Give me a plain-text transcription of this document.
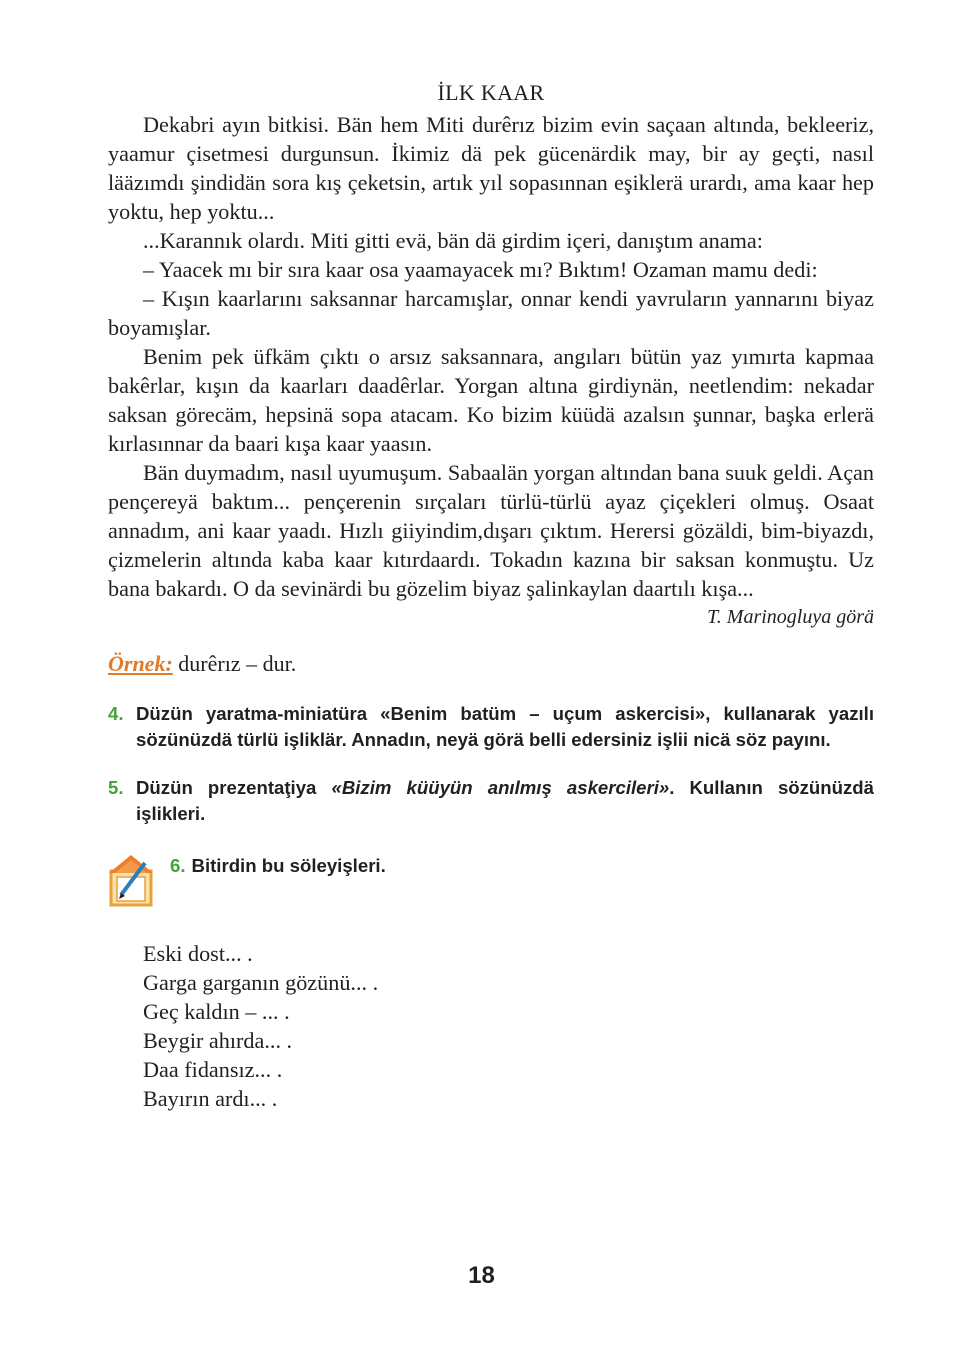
İLK KAAR

Dekabri ayın bitkisi. Bän hem Miti durêrız bizim evin saçaan altında, bekleeriz, yaamur çisetmesi durgunsun. İkimiz dä pek gücenärdik may, bir ay geçti, nasıl lääzımdı şindidän sora kış çeketsin, artık yıl sopasınnan eşiklerä urardı, ama kaar hep yoktu, hep yoktu...

...Karannık olardı. Miti gitti evä, bän dä girdim içeri, danıştım anama:

– Yaacek mı bir sıra kaar osa yaamayacek mı? Bıktım! Ozaman mamu dedi:

– Kışın kaarlarını saksannar harcamışlar, onnar kendi yavruların yannarını biyaz boyamışlar.

Benim pek üfkäm çıktı o arsız saksannara, angıları bütün yaz yımırta kapmaa bakêrlar, kışın da kaarları daadêrlar. Yorgan altına girdiynän, neetlendim: nekadar saksan görecäm, hepsinä sopa atacam. Ko bizim küüdä azalsın şunnar, başka erlerä kırlasınnar da baari kışa kaar yaasın.

Bän duymadım, nasıl uyumuşum. Sabaalän yorgan altından bana suuk geldi. Açan pençereyä baktım... pençerenin sırçaları türlü-türlü ayaz çiçekleri olmuş. Osaat annadım, ani kaar yaadı. Hızlı giiyindim,dışarı çıktım. Herersi gözäldi, bim-biyazdı, çizmelerin altında kaba kaar kıtırdaardı. Tokadın kazına bir saksan konmuştu. Uz bana bakardı. O da sevinärdi bu gözelim biyaz şalinkaylan daartılı kışa...

T. Marinogluya görä
Örnek: durêrız – dur.
4. Düzün yaratma-miniatüra «Benim batüm – uçum askercisi», kullanarak yazılı sözünüzdä türlü işliklär. Annadın, neyä görä belli edersiniz işlii nicä söz payını.
5. Düzün prezentaţiya «Bizim küüyün anılmış askercileri». Kullanın sözünüzdä işlikleri.
6. Bitirdin bu söleyişleri.
Eski dost... .
Garga garganın gözünü... .
Geç kaldın – ... .
Beygir ahırda... .
Daa fidansız... .
Bayırın ardı... .
18
